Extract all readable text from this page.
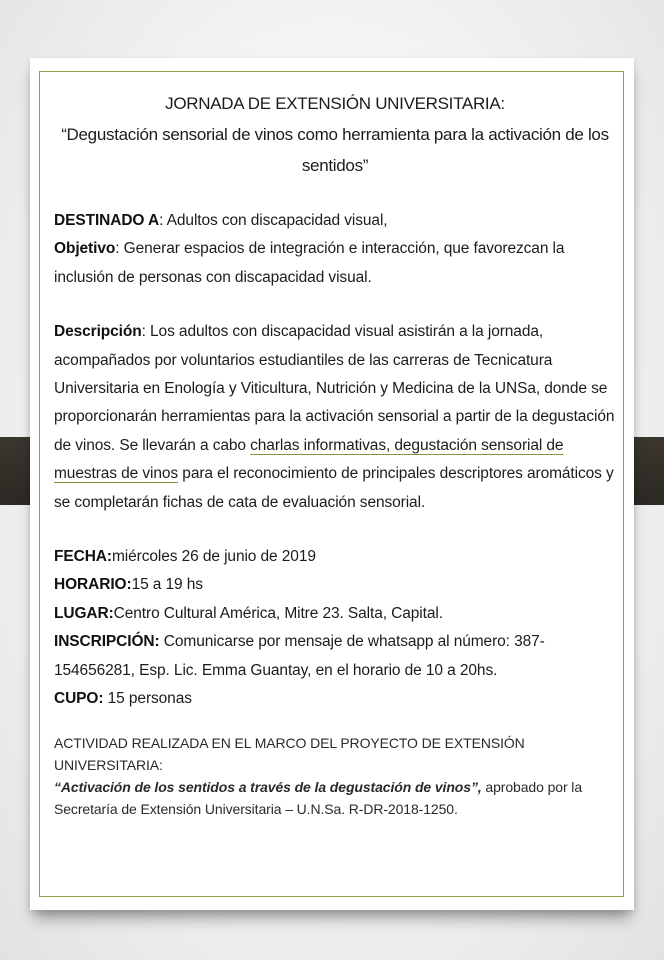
JORNADA DE EXTENSIÓN UNIVERSITARIA:
“Degustación sensorial de vinos como herramienta para la activación de los sentidos”

DESTINADO A: Adultos con discapacidad visual,

Objetivo: Generar espacios de integración e interacción, que favorezcan la inclusión de personas con discapacidad visual.

Descripción: Los adultos con discapacidad visual asistirán a la jornada, acompañados por voluntarios estudiantiles de las carreras de Tecnicatura Universitaria en Enología y Viticultura, Nutrición y Medicina de la UNSa, donde se proporcionarán herramientas para la activación sensorial a partir de la degustación de vinos. Se llevarán a cabo charlas informativas, degustación sensorial de muestras de vinos para el reconocimiento de principales descriptores aromáticos y se completarán fichas de cata de evaluación sensorial.

FECHA:miércoles 26 de junio de 2019

HORARIO:15 a 19 hs

LUGAR:Centro Cultural América, Mitre 23. Salta, Capital.

INSCRIPCIÓN: Comunicarse por mensaje de whatsapp al número: 387-154656281, Esp. Lic. Emma Guantay, en el horario de 10 a 20hs.

CUPO: 15 personas

ACTIVIDAD REALIZADA EN EL MARCO DEL PROYECTO DE EXTENSIÓN UNIVERSITARIA:
“Activación de los sentidos a través de la degustación de vinos”, aprobado por la Secretaría de Extensión Universitaria – U.N.Sa. R-DR-2018-1250.
